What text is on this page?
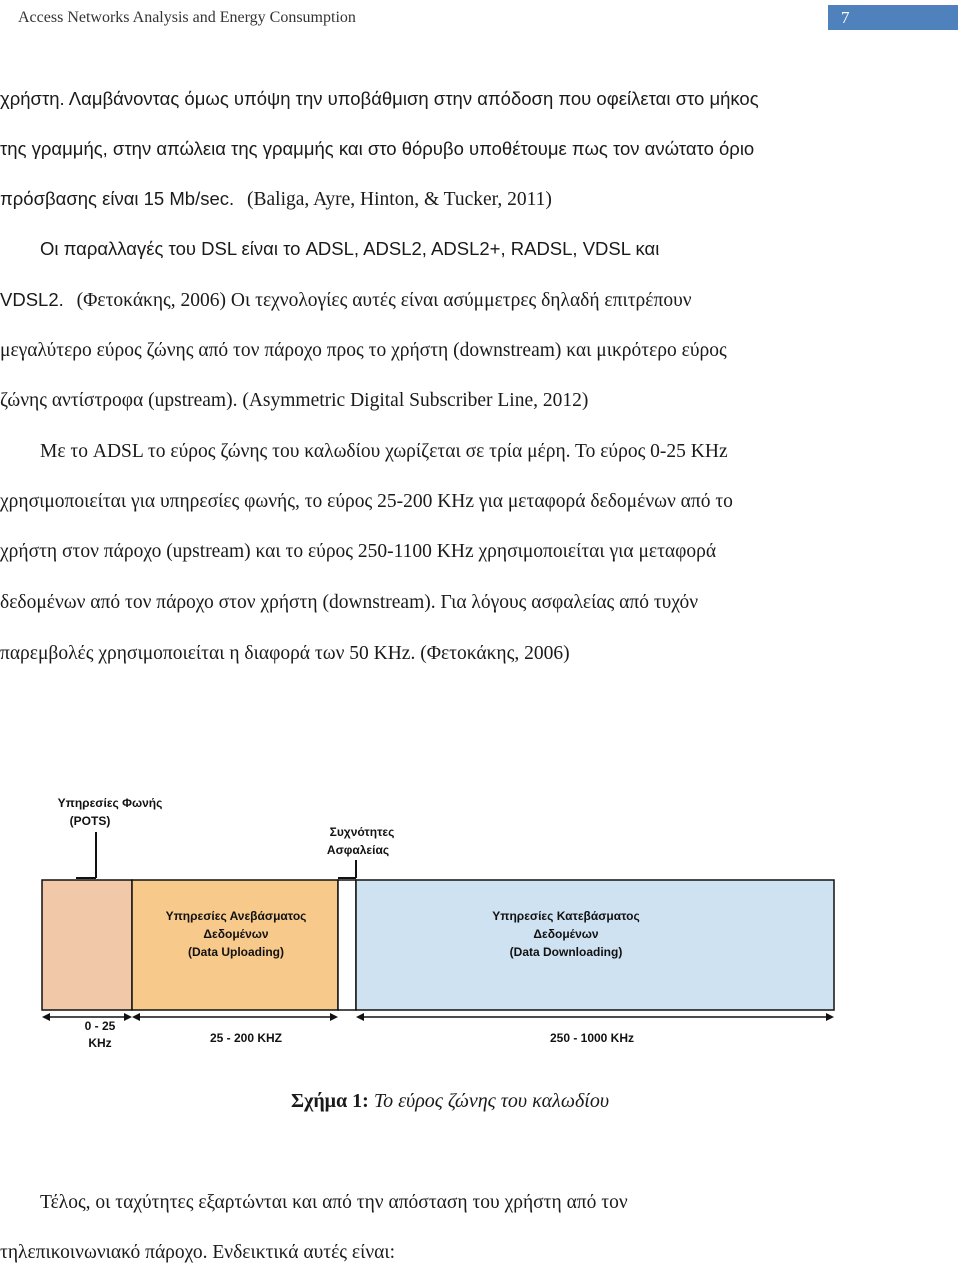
Access Networks Analysis and Energy Consumption	7
χρήστη. Λαμβάνοντας όμως υπόψη την υποβάθμιση στην απόδοση που οφείλεται στο μήκος
της γραμμής, στην απώλεια της γραμμής και στο θόρυβο υποθέτουμε πως τον ανώτατο όριο
πρόσβασης είναι 15 Mb/sec. (Baliga, Ayre, Hinton, & Tucker, 2011)
Οι παραλλαγές του DSL είναι το ADSL, ADSL2, ADSL2+, RADSL, VDSL και
VDSL2. (Φετοκάκης, 2006) Οι τεχνολογίες αυτές είναι ασύμμετρες δηλαδή επιτρέπουν
μεγαλύτερο εύρος ζώνης από τον πάροχο προς το χρήστη (downstream) και μικρότερο εύρος
ζώνης αντίστροφα (upstream). (Asymmetric Digital Subscriber Line, 2012)
Με το ADSL το εύρος ζώνης του καλωδίου χωρίζεται σε τρία μέρη. Το εύρος 0-25 KHz
χρησιμοποιείται για υπηρεσίες φωνής, το εύρος 25-200 KHz για μεταφορά δεδομένων από το
χρήστη στον πάροχο (upstream) και το εύρος 250-1100 KHz χρησιμοποιείται για μεταφορά
δεδομένων από τον πάροχο στον χρήστη (downstream). Για λόγους ασφαλείας από τυχόν
παρεμβολές χρησιμοποιείται η διαφορά των 50 KHz. (Φετοκάκης, 2006)
Υπηρεσίες Φωνής
(POTS)
Συχνότητες
Ασφαλείας
Υπηρεσίες Ανεβάσματος
Δεδομένων
(Data Uploading)
Υπηρεσίες Κατεβάσματος
Δεδομένων
(Data Downloading)
0 - 25
KHz	25 - 200 KHZ	250 - 1000 KHz
Σχήμα 1: Το εύρος ζώνης του καλωδίου
Τέλος, οι ταχύτητες εξαρτώνται και από την απόσταση του χρήστη από τον
τηλεπικοινωνιακό πάροχο. Ενδεικτικά αυτές είναι:
